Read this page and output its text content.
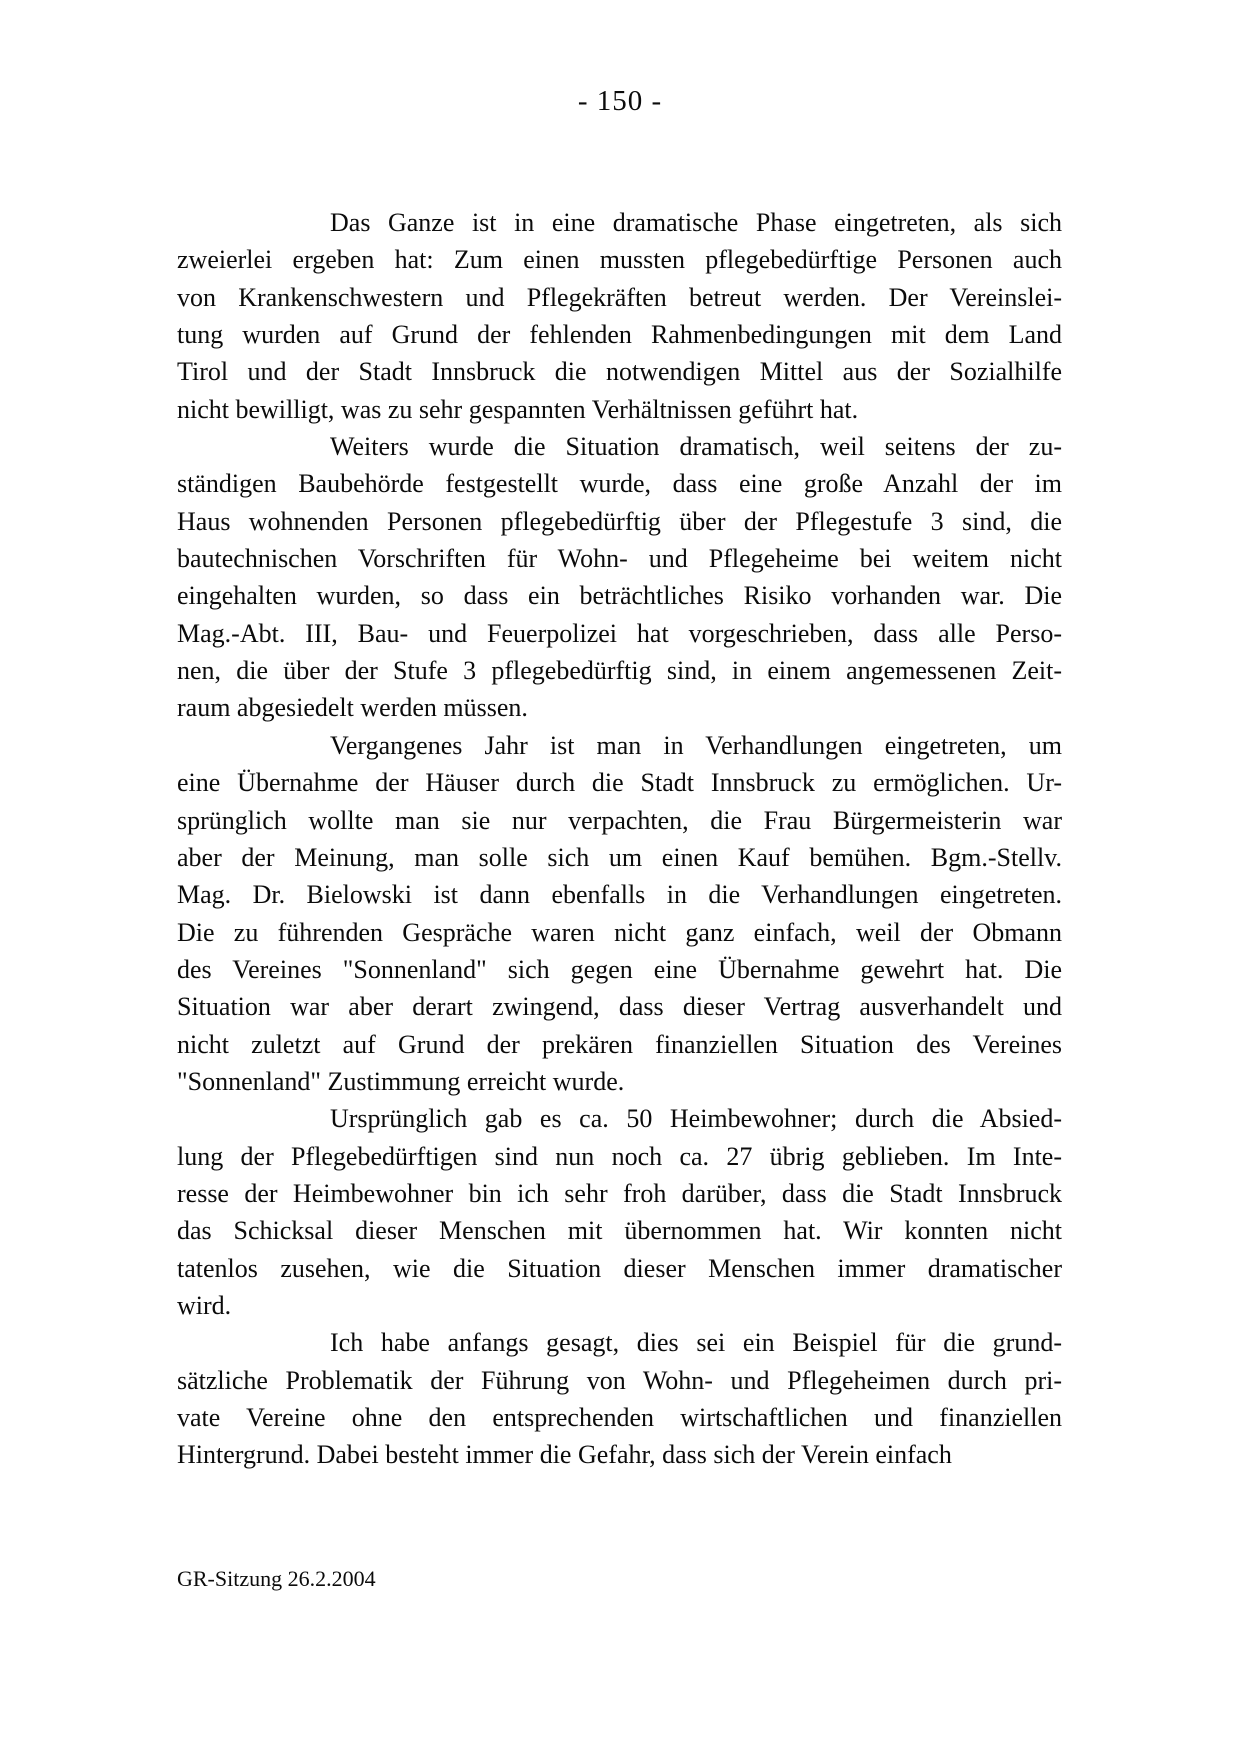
- 150 -
Das Ganze ist in eine dramatische Phase eingetreten, als sich
zweierlei ergeben hat: Zum einen mussten pflegebedürftige Personen auch
von Krankenschwestern und Pflegekräften betreut werden. Der Vereinslei-
tung wurden auf Grund der fehlenden Rahmenbedingungen mit dem Land
Tirol und der Stadt Innsbruck die notwendigen Mittel aus der Sozialhilfe
nicht bewilligt, was zu sehr gespannten Verhältnissen geführt hat.
Weiters wurde die Situation dramatisch, weil seitens der zu-
ständigen Baubehörde festgestellt wurde, dass eine große Anzahl der im
Haus wohnenden Personen pflegebedürftig über der Pflegestufe 3 sind, die
bautechnischen Vorschriften für Wohn- und Pflegeheime bei weitem nicht
eingehalten wurden, so dass ein beträchtliches Risiko vorhanden war. Die
Mag.-Abt. III, Bau- und Feuerpolizei hat vorgeschrieben, dass alle Perso-
nen, die über der Stufe 3 pflegebedürftig sind, in einem angemessenen Zeit-
raum abgesiedelt werden müssen.
Vergangenes Jahr ist man in Verhandlungen eingetreten, um
eine Übernahme der Häuser durch die Stadt Innsbruck zu ermöglichen. Ur-
sprünglich wollte man sie nur verpachten, die Frau Bürgermeisterin war
aber der Meinung, man solle sich um einen Kauf bemühen. Bgm.-Stellv.
Mag. Dr. Bielowski ist dann ebenfalls in die Verhandlungen eingetreten.
Die zu führenden Gespräche waren nicht ganz einfach, weil der Obmann
des Vereines "Sonnenland" sich gegen eine Übernahme gewehrt hat. Die
Situation war aber derart zwingend, dass dieser Vertrag ausverhandelt und
nicht zuletzt auf Grund der prekären finanziellen Situation des Vereines
"Sonnenland" Zustimmung erreicht wurde.
Ursprünglich gab es ca. 50 Heimbewohner; durch die Absied-
lung der Pflegebedürftigen sind nun noch ca. 27 übrig geblieben. Im Inte-
resse der Heimbewohner bin ich sehr froh darüber, dass die Stadt Innsbruck
das Schicksal dieser Menschen mit übernommen hat. Wir konnten nicht
tatenlos zusehen, wie die Situation dieser Menschen immer dramatischer
wird.
Ich habe anfangs gesagt, dies sei ein Beispiel für die grund-
sätzliche Problematik der Führung von Wohn- und Pflegeheimen durch pri-
vate Vereine ohne den entsprechenden wirtschaftlichen und finanziellen
Hintergrund. Dabei besteht immer die Gefahr, dass sich der Verein einfach
GR-Sitzung 26.2.2004
